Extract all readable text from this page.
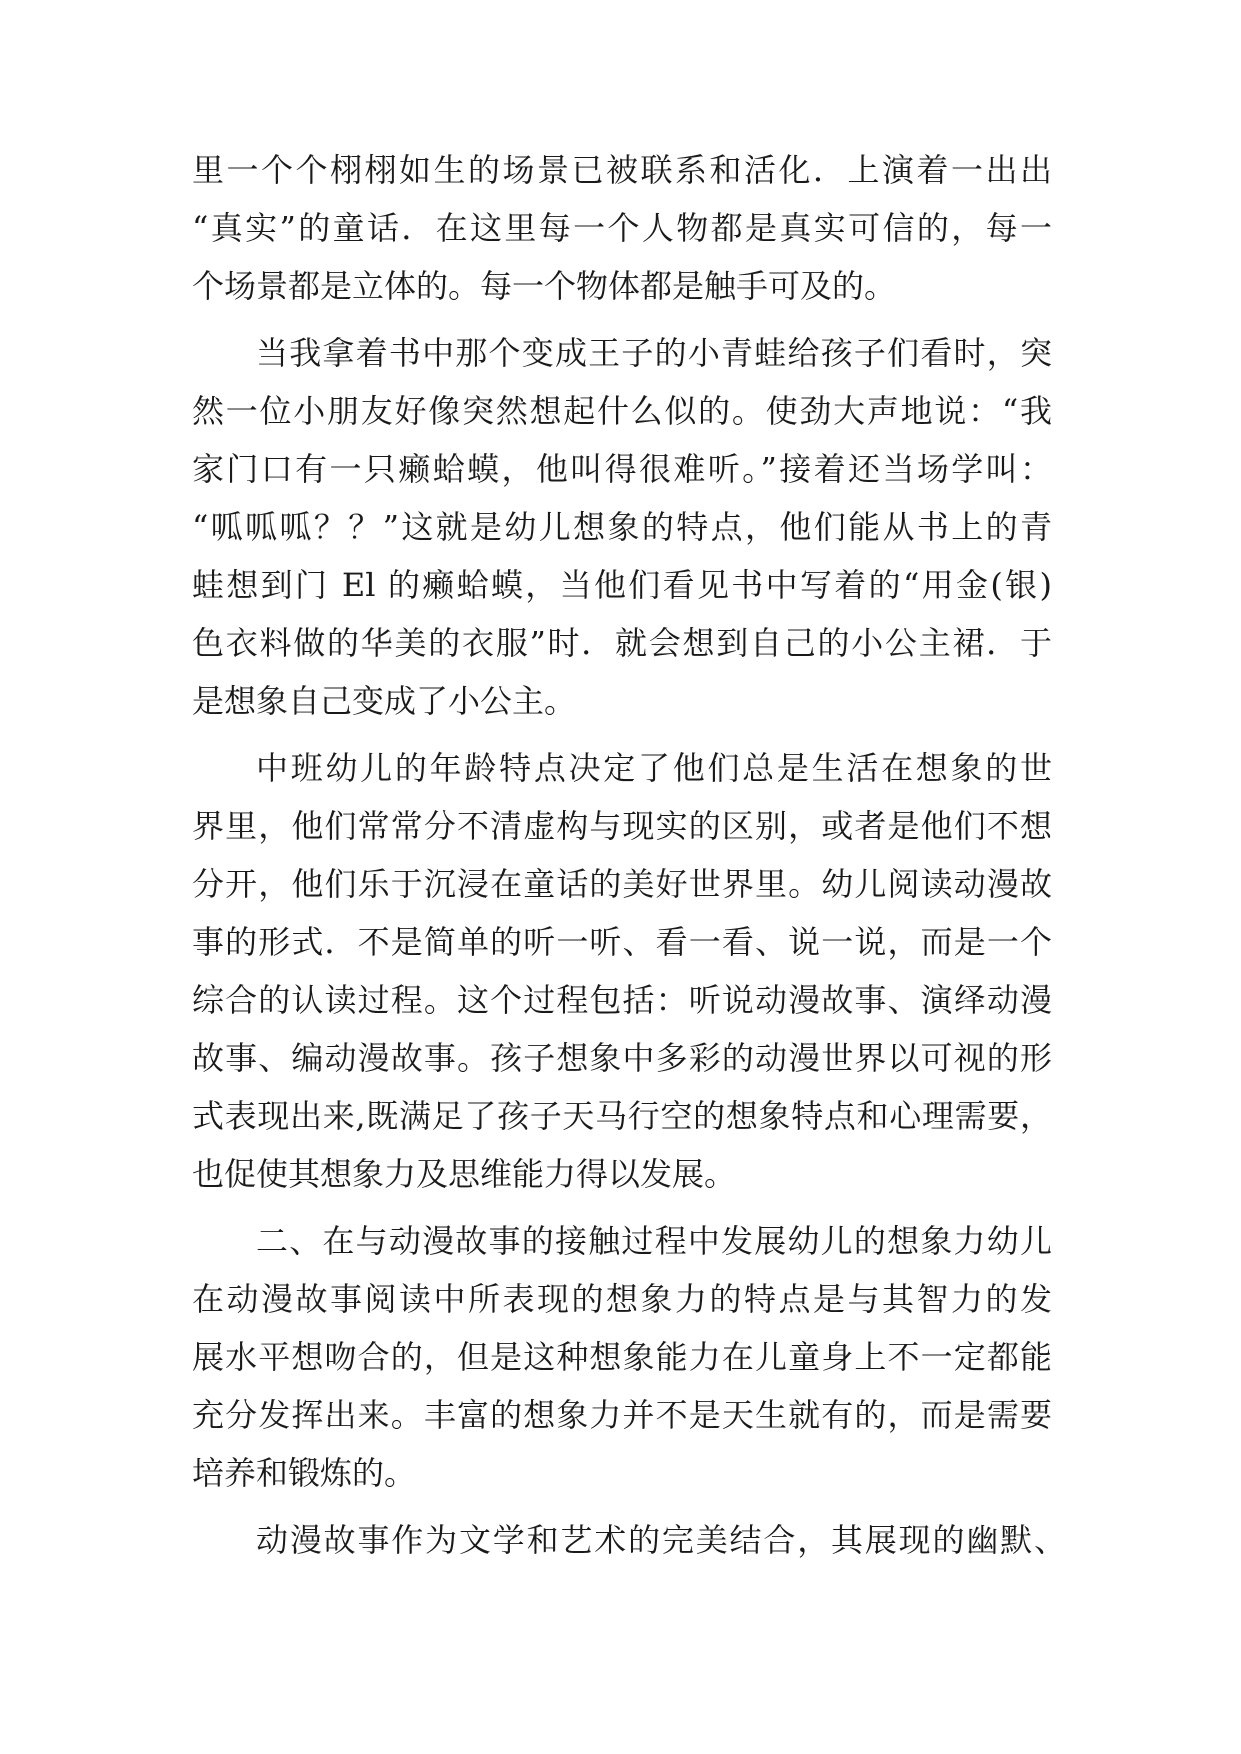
里一个个栩栩如生的场景已被联系和活化．上演着一出出
“真实”的童话．在这里每一个人物都是真实可信的，每一
个场景都是立体的。每一个物体都是触手可及的。
当我拿着书中那个变成王子的小青蛙给孩子们看时，突
然一位小朋友好像突然想起什么似的。使劲大声地说：“我
家门口有一只癞蛤蟆，他叫得很难听。”接着还当场学叫：
“呱呱呱？？”这就是幼儿想象的特点，他们能从书上的青
蛙想到门 El 的癞蛤蟆，当他们看见书中写着的“用金(银)
色衣料做的华美的衣服”时．就会想到自己的小公主裙．于
是想象自己变成了小公主。
中班幼儿的年龄特点决定了他们总是生活在想象的世
界里，他们常常分不清虚构与现实的区别，或者是他们不想
分开，他们乐于沉浸在童话的美好世界里。幼儿阅读动漫故
事的形式．不是简单的听一听、看一看、说一说，而是一个
综合的认读过程。这个过程包括：听说动漫故事、演绎动漫
故事、编动漫故事。孩子想象中多彩的动漫世界以可视的形
式表现出来,既满足了孩子天马行空的想象特点和心理需要，
也促使其想象力及思维能力得以发展。
二、在与动漫故事的接触过程中发展幼儿的想象力幼儿
在动漫故事阅读中所表现的想象力的特点是与其智力的发
展水平想吻合的，但是这种想象能力在儿童身上不一定都能
充分发挥出来。丰富的想象力并不是天生就有的，而是需要
培养和锻炼的。
动漫故事作为文学和艺术的完美结合，其展现的幽默、
